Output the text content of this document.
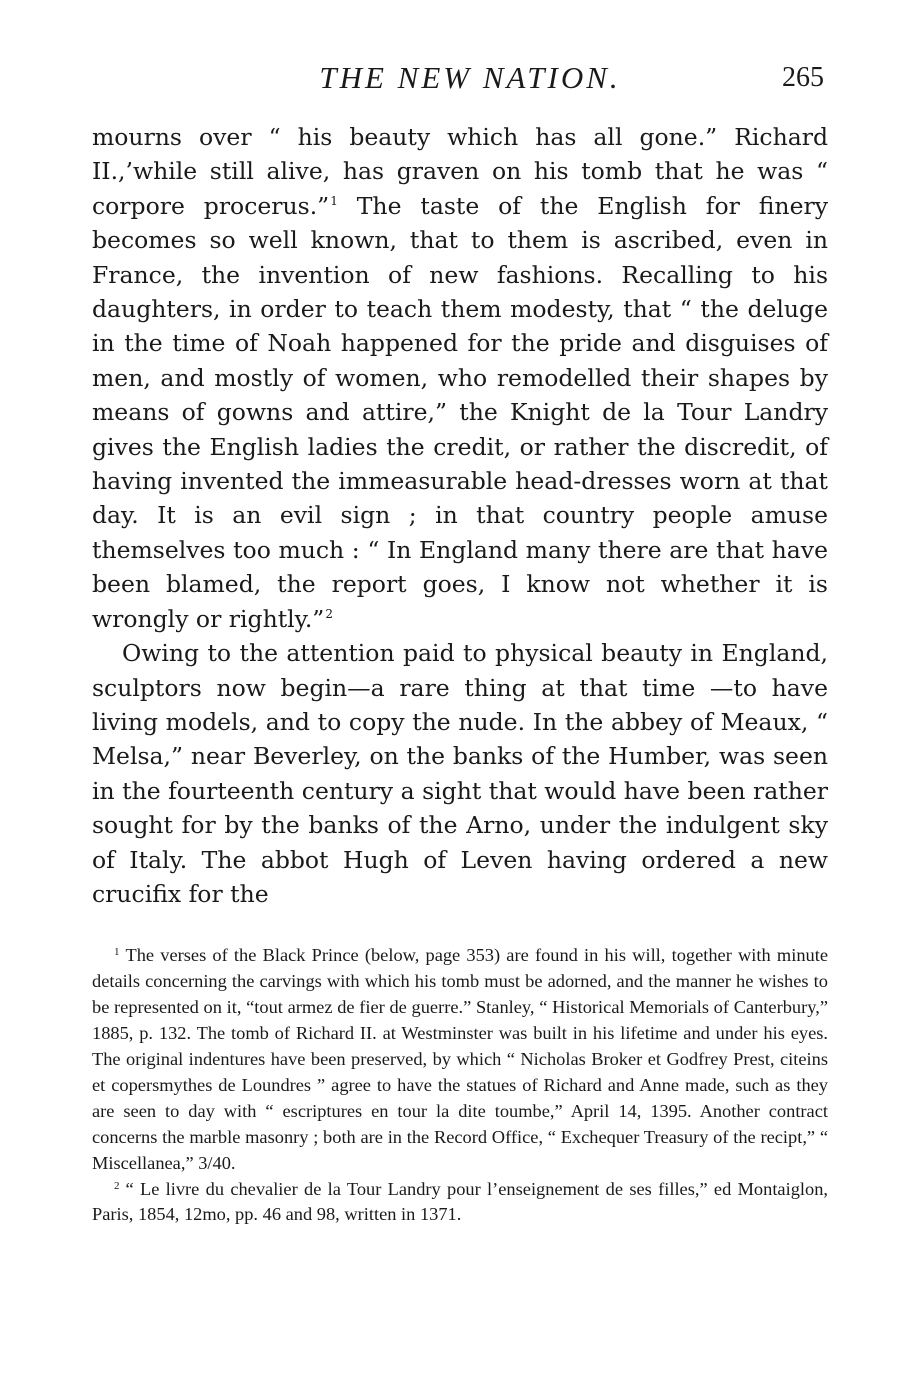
THE NEW NATION.	265

mourns over “ his beauty which has all gone.” Richard II.,’while still alive, has graven on his tomb that he was “ corpore procerus.”$^1$ The taste of the English for finery becomes so well known, that to them is ascribed, even in France, the invention of new fashions. Recalling to his daughters, in order to teach them modesty, that “ the deluge in the time of Noah happened for the pride and disguises of men, and mostly of women, who remodelled their shapes by means of gowns and attire,” the Knight de la Tour Landry gives the English ladies the credit, or rather the discredit, of having invented the immeasurable head-dresses worn at that day. It is an evil sign ; in that country people amuse themselves too much : “ In England many there are that have been blamed, the report goes, I know not whether it is wrongly or rightly.”$^2$

Owing to the attention paid to physical beauty in England, sculptors now begin—a rare thing at that time —to have living models, and to copy the nude. In the abbey of Meaux, “ Melsa,” near Beverley, on the banks of the Humber, was seen in the fourteenth century a sight that would have been rather sought for by the banks of the Arno, under the indulgent sky of Italy. The abbot Hugh of Leven having ordered a new crucifix for the

$^1$ The verses of the Black Prince (below, page 353) are found in his will, together with minute details concerning the carvings with which his tomb must be adorned, and the manner he wishes to be represented on it, “tout armez de fier de guerre.” Stanley, “ Historical Memorials of Canterbury,” 1885, p. 132. The tomb of Richard II. at Westminster was built in his lifetime and under his eyes. The original indentures have been preserved, by which “ Nicholas Broker et Godfrey Prest, citeins et copersmythes de Loundres ” agree to have the statues of Richard and Anne made, such as they are seen to day with “ escriptures en tour la dite toumbe,” April 14, 1395. Another contract concerns the marble masonry ; both are in the Record Office, “ Exchequer Treasury of the recipt,” “ Miscellanea,” 3/40.

$^2$ “ Le livre du chevalier de la Tour Landry pour l’enseignement de ses filles,” ed Montaiglon, Paris, 1854, 12mo, pp. 46 and 98, written in 1371.
